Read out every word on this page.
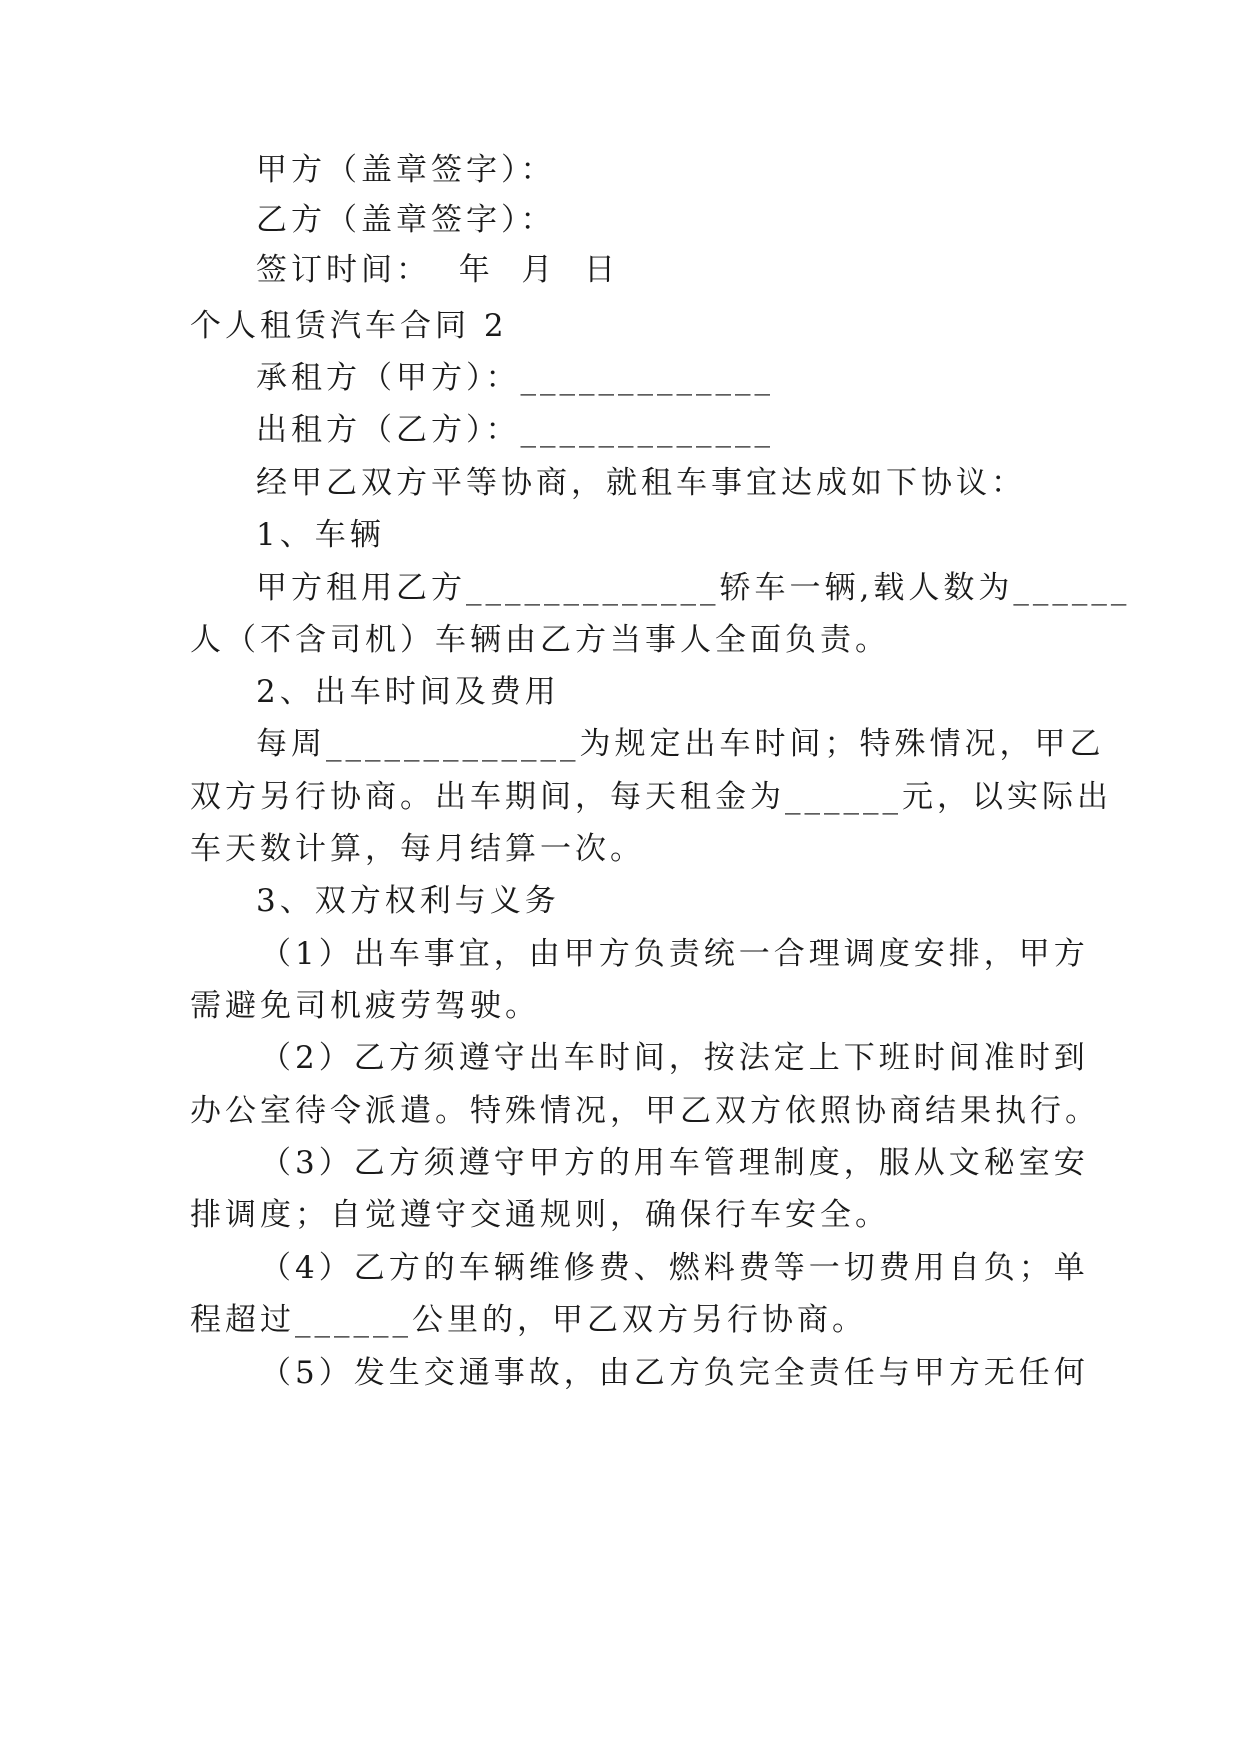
甲方（盖章签字）：
乙方（盖章签字）：
签订时间：  年  月  日
个人租赁汽车合同 2
承租方（甲方）：_____________
出租方（乙方）：_____________
经甲乙双方平等协商，就租车事宜达成如下协议：
1、车辆
甲方租用乙方_____________轿车一辆,载人数为______
人（不含司机）车辆由乙方当事人全面负责。
2、出车时间及费用
每周_____________为规定出车时间；特殊情况，甲乙
双方另行协商。出车期间，每天租金为______元，以实际出
车天数计算，每月结算一次。
3、双方权利与义务
（1）出车事宜，由甲方负责统一合理调度安排，甲方
需避免司机疲劳驾驶。
（2）乙方须遵守出车时间，按法定上下班时间准时到
办公室待令派遣。特殊情况，甲乙双方依照协商结果执行。
（3）乙方须遵守甲方的用车管理制度，服从文秘室安
排调度；自觉遵守交通规则，确保行车安全。
（4）乙方的车辆维修费、燃料费等一切费用自负；单
程超过______公里的，甲乙双方另行协商。
（5）发生交通事故，由乙方负完全责任与甲方无任何
